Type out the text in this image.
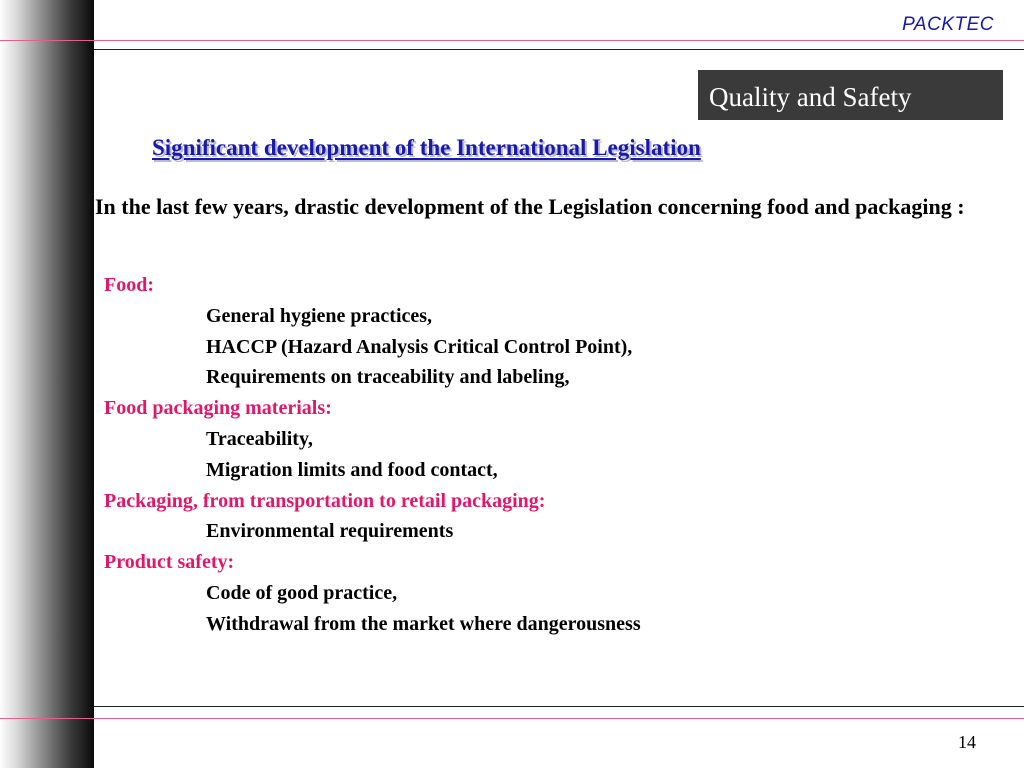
PACKTEC
Quality and Safety
Significant development of the International Legislation
In the last few years, drastic development of the Legislation concerning food and packaging :
Food:
General hygiene practices,
HACCP (Hazard Analysis Critical Control Point),
Requirements on traceability and labeling,
Food packaging materials:
Traceability,
Migration limits and food contact,
Packaging, from transportation to retail packaging:
Environmental requirements
Product safety:
Code of good practice,
Withdrawal from the market where dangerousness
14
